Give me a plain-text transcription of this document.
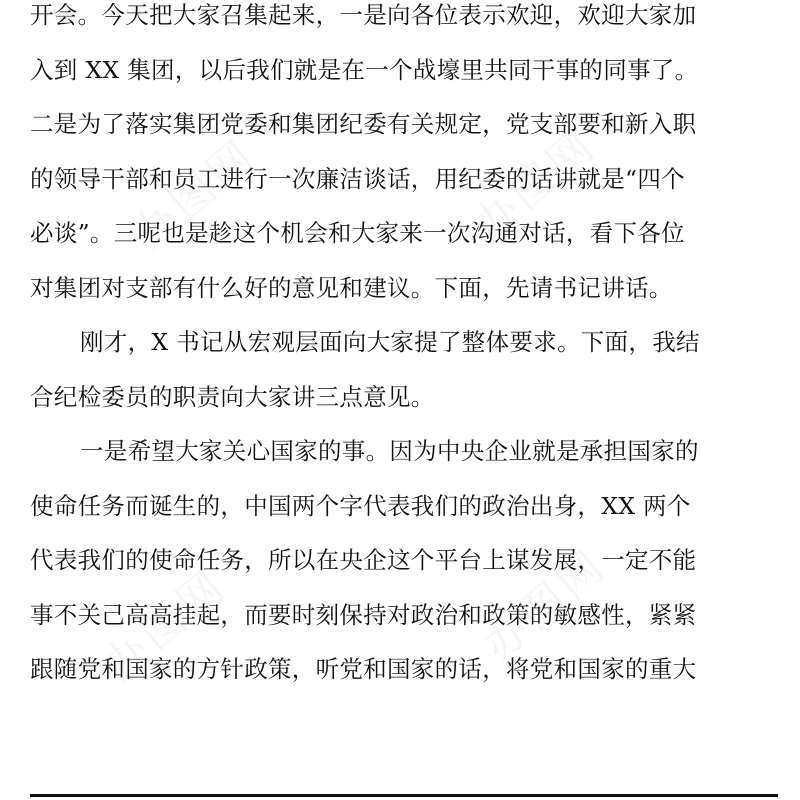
办图网	办图网
办图网
办图网
开会。今天把大家召集起来，一是向各位表示欢迎，欢迎大家加
入到 XX 集团，以后我们就是在一个战壕里共同干事的同事了。
二是为了落实集团党委和集团纪委有关规定，党支部要和新入职
的领导干部和员工进行一次廉洁谈话，用纪委的话讲就是“四个
必谈”。三呢也是趁这个机会和大家来一次沟通对话，看下各位
对集团对支部有什么好的意见和建议。下面，先请书记讲话。
刚才，X 书记从宏观层面向大家提了整体要求。下面，我结
合纪检委员的职责向大家讲三点意见。
一是希望大家关心国家的事。因为中央企业就是承担国家的
使命任务而诞生的，中国两个字代表我们的政治出身，XX 两个
代表我们的使命任务，所以在央企这个平台上谋发展，一定不能
事不关己高高挂起，而要时刻保持对政治和政策的敏感性，紧紧
跟随党和国家的方针政策，听党和国家的话，将党和国家的重大
